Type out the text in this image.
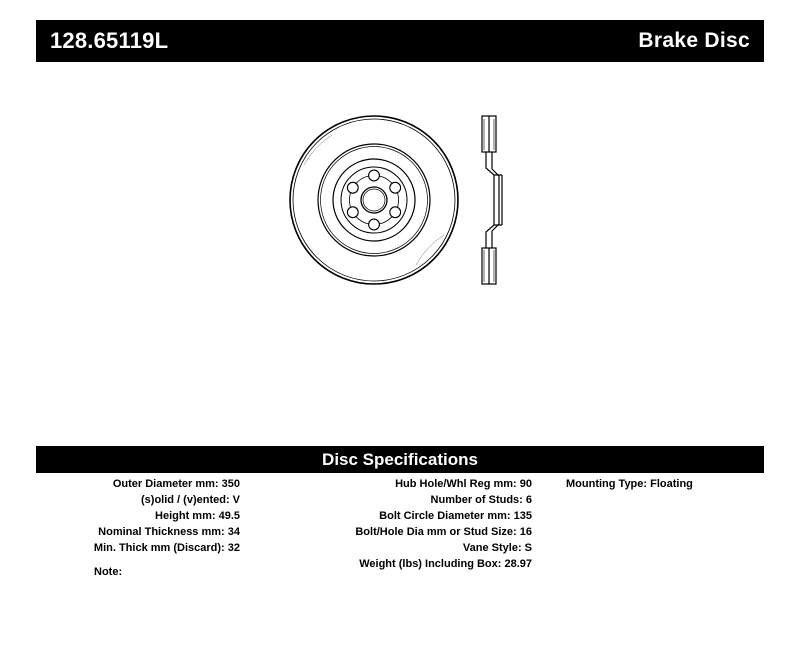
128.65119L	Brake Disc
Disc Specifications
Outer Diameter mm: 350
(s)olid / (v)ented: V
Height mm: 49.5
Nominal Thickness mm: 34
Min. Thick mm (Discard): 32
Hub Hole/Whl Reg mm: 90
Number of Studs: 6
Bolt Circle Diameter mm: 135
Bolt/Hole Dia mm or Stud Size: 16
Vane Style: S
Weight (lbs) Including Box: 28.97
Mounting Type: Floating
Note:
